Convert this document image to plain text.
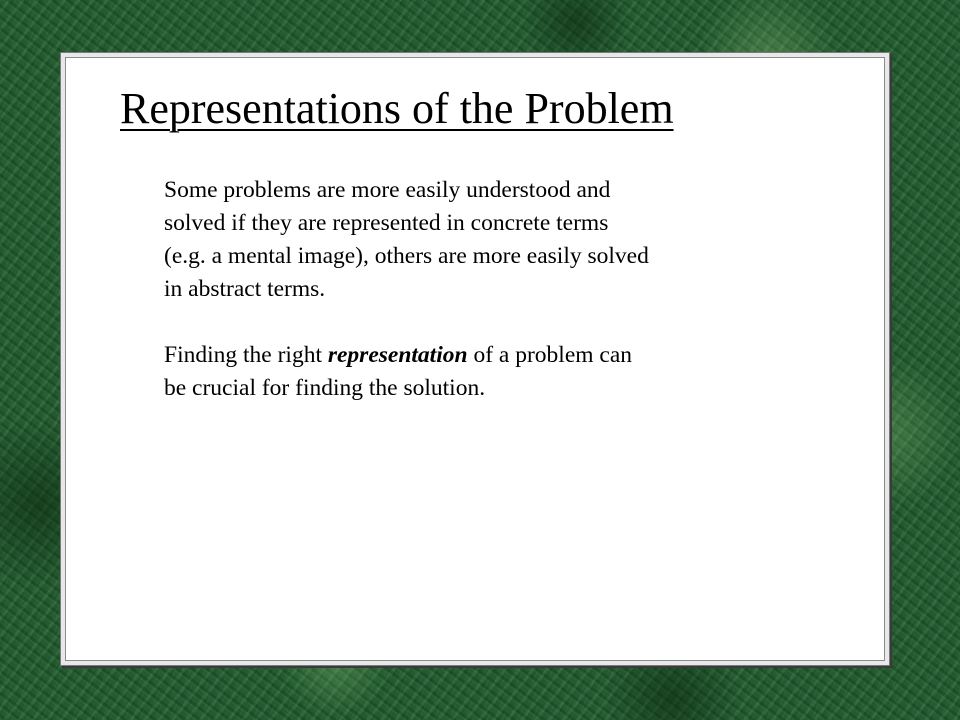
Representations of the Problem

Some problems are more easily understood and
solved if they are represented in concrete terms
(e.g. a mental image), others are more easily solved
in abstract terms.

Finding the right representation of a problem can
be crucial for finding the solution.
